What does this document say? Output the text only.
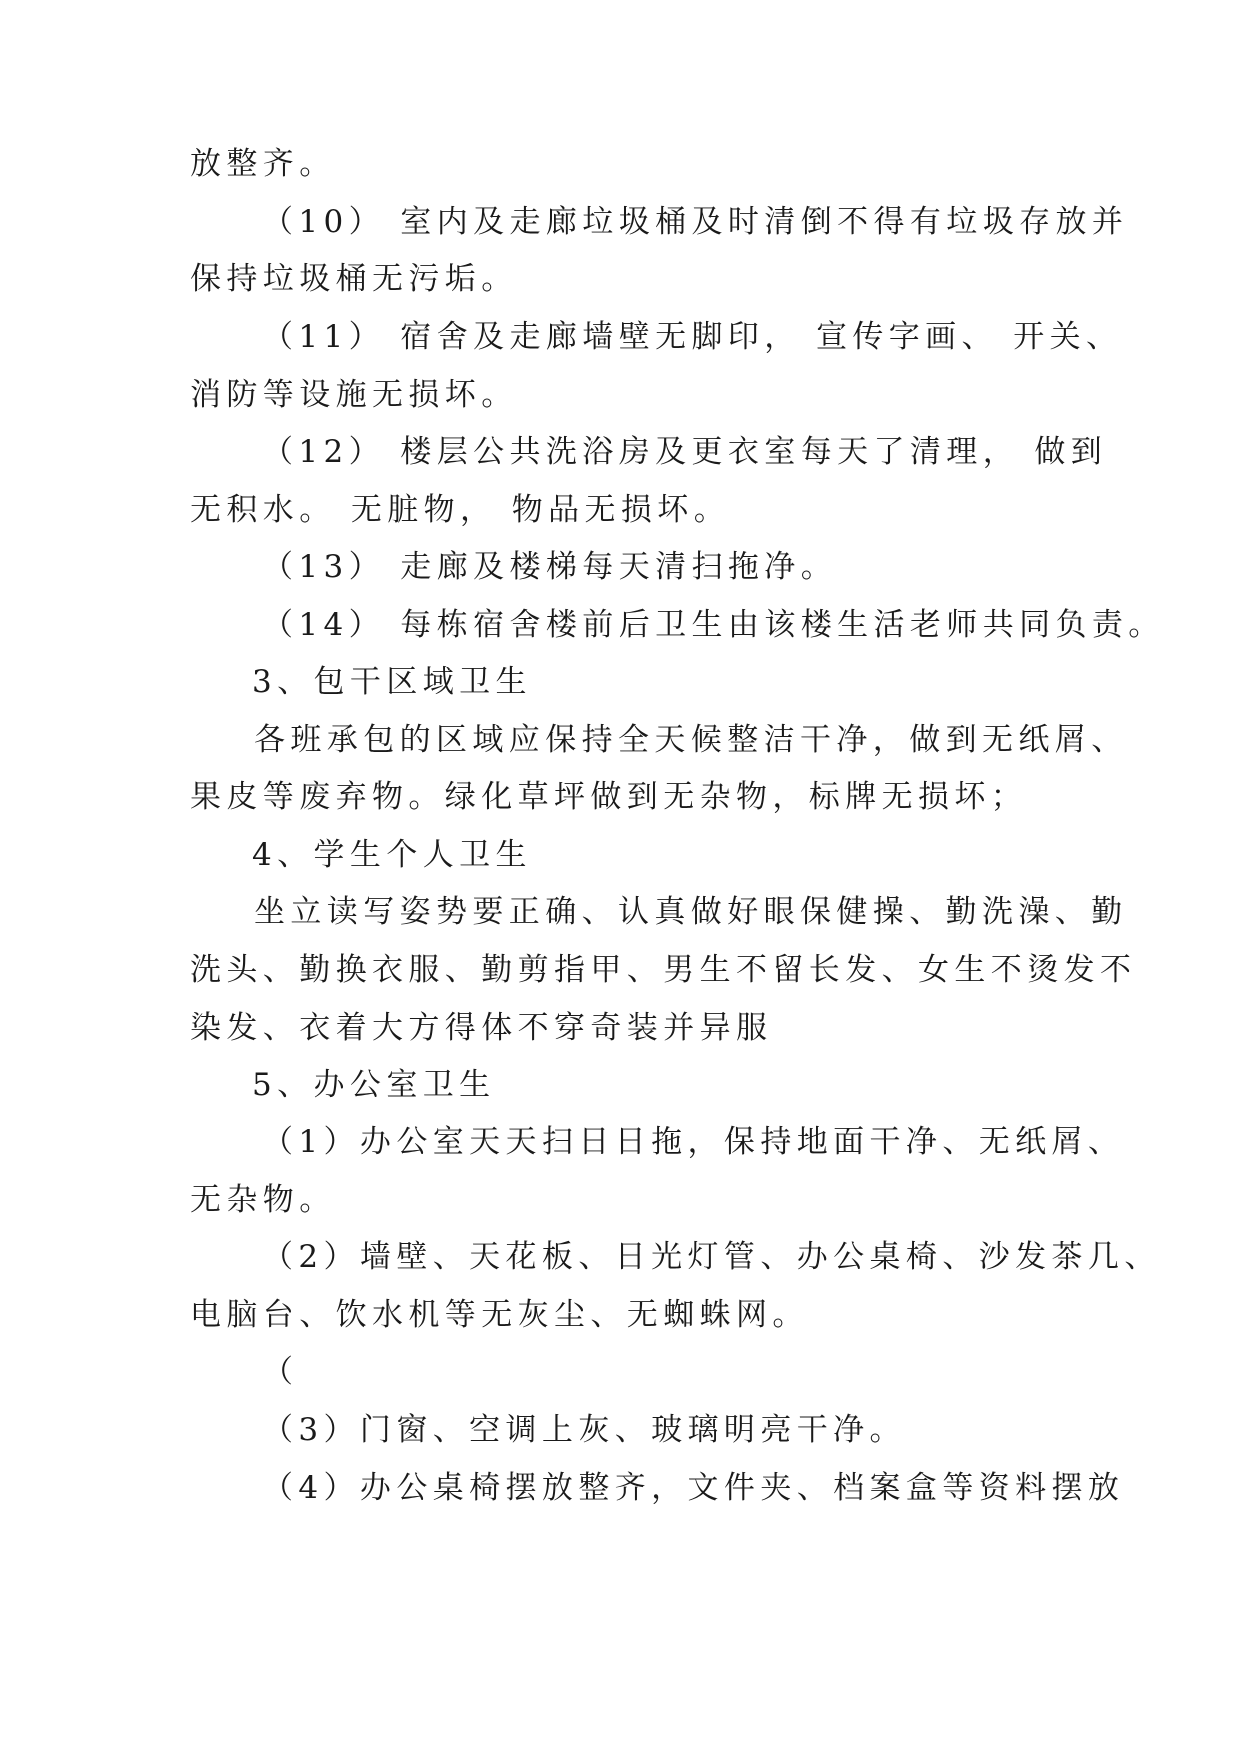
放整齐。
（10） 室内及走廊垃圾桶及时清倒不得有垃圾存放并
保持垃圾桶无污垢。
（11） 宿舍及走廊墙壁无脚印， 宣传字画、 开关、
消防等设施无损坏。
（12） 楼层公共洗浴房及更衣室每天了清理， 做到
无积水。 无脏物， 物品无损坏。
（13） 走廊及楼梯每天清扫拖净。
（14） 每栋宿舍楼前后卫生由该楼生活老师共同负责。
3、包干区域卫生
各班承包的区域应保持全天候整洁干净，做到无纸屑、
果皮等废弃物。绿化草坪做到无杂物，标牌无损坏；
4、学生个人卫生
坐立读写姿势要正确、认真做好眼保健操、勤洗澡、勤
洗头、勤换衣服、勤剪指甲、男生不留长发、女生不烫发不
染发、衣着大方得体不穿奇装并异服
5、办公室卫生
（1）办公室天天扫日日拖，保持地面干净、无纸屑、
无杂物。
（2）墙壁、天花板、日光灯管、办公桌椅、沙发茶几、
电脑台、饮水机等无灰尘、无蜘蛛网。
（
（3）门窗、空调上灰、玻璃明亮干净。
（4）办公桌椅摆放整齐，文件夹、档案盒等资料摆放
